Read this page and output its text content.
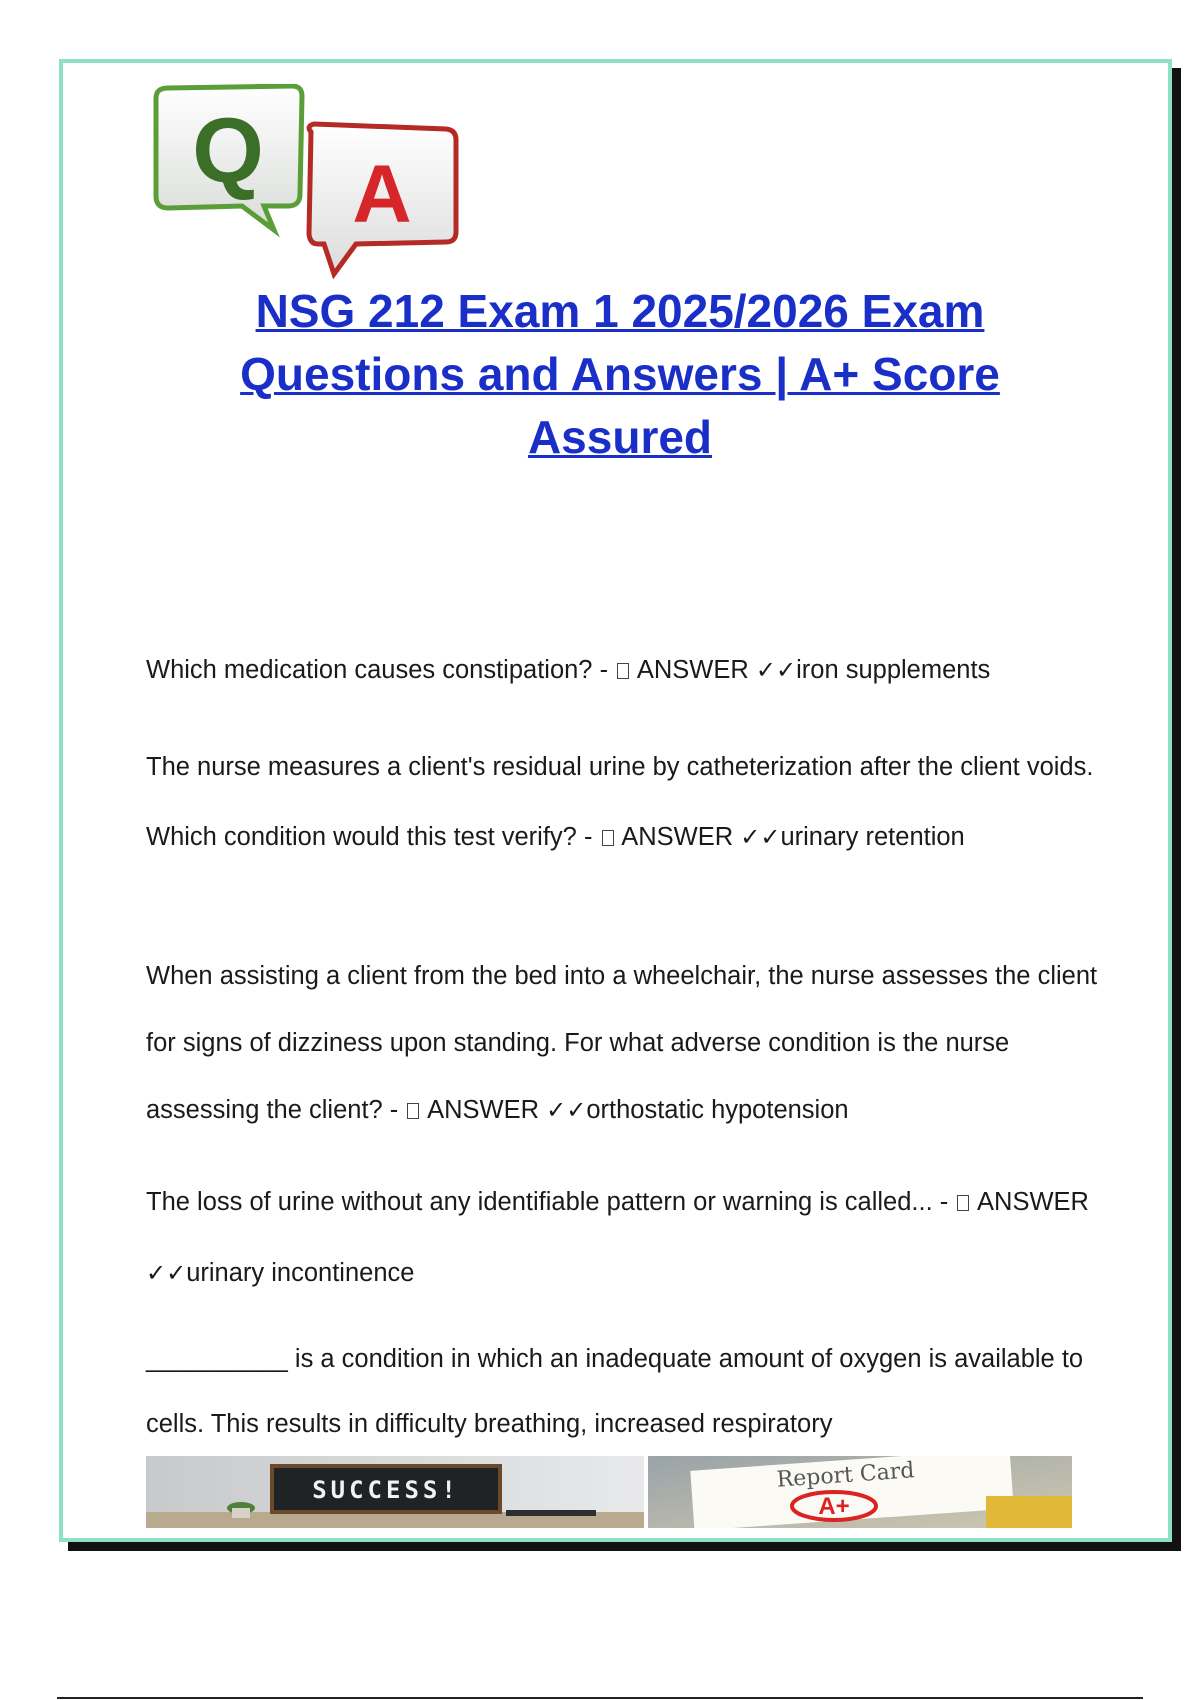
A
Q
NSG 212 Exam 1 2025/2026 Exam Questions and Answers | A+ Score Assured

Which medication causes constipation? - ANSWER ✓✓iron supplements

The nurse measures a client's residual urine by catheterization after the client voids. Which condition would this test verify? - ANSWER ✓✓urinary retention

When assisting a client from the bed into a wheelchair, the nurse assesses the client for signs of dizziness upon standing. For what adverse condition is the nurse assessing the client? - ANSWER ✓✓orthostatic hypotension

The loss of urine without any identifiable pattern or warning is called... - ANSWER ✓✓urinary incontinence

__________ is a condition in which an inadequate amount of oxygen is available to cells. This results in difficulty breathing, increased respiratory

SUCCESS!	Report Card
A+
